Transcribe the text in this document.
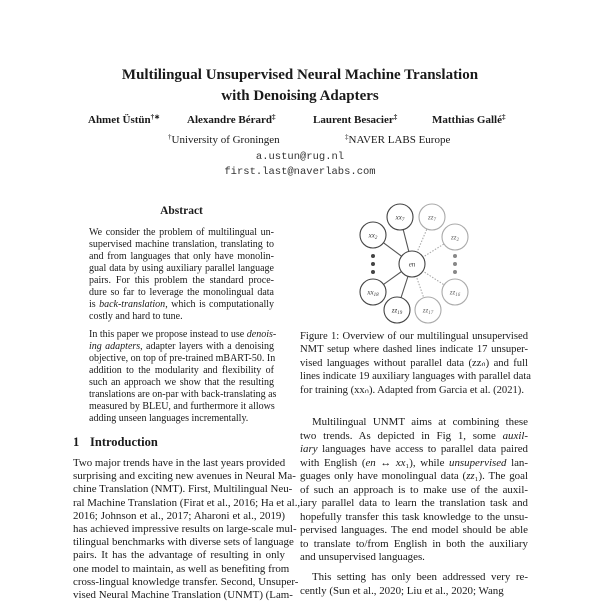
Multilingual Unsupervised Neural Machine Translation
with Denoising Adapters
Ahmet Üstün†∗ Alexandre Bérard‡	Laurent Besacier‡	Matthias Gallé‡
†University of Groningen	‡NAVER LABS Europe
a.ustun@rug.nl
first.last@naverlabs.com
Abstract
We consider the problem of multilingual un-
supervised machine translation, translating to
and from languages that only have monolin-
gual data by using auxiliary parallel language
pairs. For this problem the standard proce-
dure so far to leverage the monolingual data
is back-translation, which is computationally
costly and hard to tune.
In this paper we propose instead to use denois-
ing adapters, adapter layers with a denoising
objective, on top of pre-trained mBART-50. In
addition to the modularity and flexibility of
such an approach we show that the resulting
translations are on-par with back-translating as
measured by BLEU, and furthermore it allows
adding unseen languages incrementally.
1 Introduction
Two major trends have in the last years provided
surprising and exciting new avenues in Neural Ma-
chine Translation (NMT). First, Multilingual Neu-
ral Machine Translation (Firat et al., 2016; Ha et al.,
2016; Johnson et al., 2017; Aharoni et al., 2019)
has achieved impressive results on large-scale mul-
tilingual benchmarks with diverse sets of language
pairs. It has the advantage of resulting in only
one model to maintain, as well as benefiting from
cross-lingual knowledge transfer. Second, Unsuper-
vised Neural Machine Translation (UNMT) (Lam-
$xx_7$	$zz_7$
$xx_2$	$zz_2$
$xx_{18}$
$zz_{19}$	$zz_{17}$
$zz_{16}$
en
Figure 1: Overview of our multilingual unsupervised
NMT setup where dashed lines indicate 17 unsuper-
vised languages without parallel data (zzₙ) and full
lines indicate 19 auxiliary languages with parallel data
for training (xxₙ). Adapted from Garcia et al. (2021).
Multilingual UNMT aims at combining these
two trends. As depicted in Fig 1, some auxil-
iary languages have access to parallel data paired
with English (en ↔ xx₁), while unsupervised lan-
guages only have monolingual data (zz₁). The goal
of such an approach is to make use of the auxil-
iary parallel data to learn the translation task and
hopefully transfer this task knowledge to the unsu-
pervised languages. The end model should be able
to translate to/from English in both the auxiliary
and unsupervised languages.
This setting has only been addressed very re-
cently (Sun et al., 2020; Liu et al., 2020; Wang
